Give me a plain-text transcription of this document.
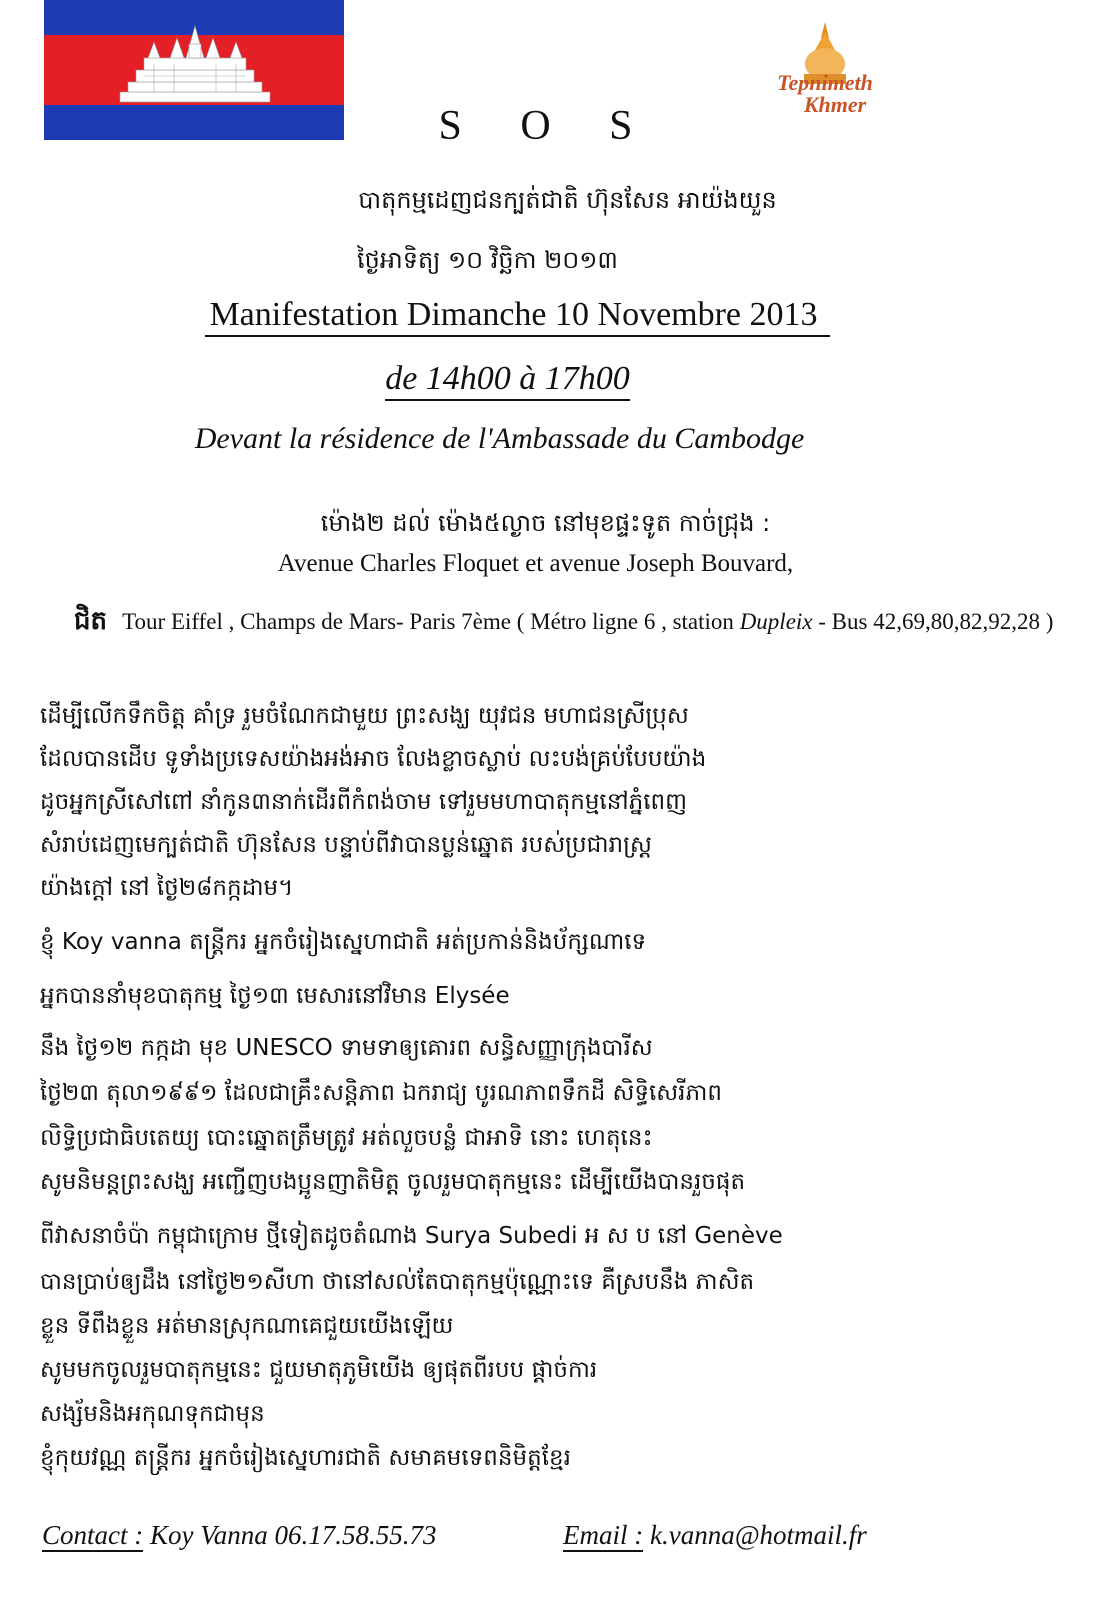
Tepnimeth
Khmer
S O S
បាតុកម្មដេញជនក្បត់ជាតិ ហ៊ុនសែន អាយ៉ងយួន
ថ្ងៃអាទិត្យ ១០ វិច្ឆិកា ២០១៣
Manifestation Dimanche 10 Novembre 2013
de 14h00 à 17h00
Devant la résidence de l'Ambassade du Cambodge
ម៉ោង២ ដល់ ម៉ោង៥ល្ងាច នៅមុខផ្ទះទូត កាច់ជ្រុង :
Avenue Charles Floquet et avenue Joseph Bouvard,
ជិត Tour Eiffel , Champs de Mars- Paris 7ème ( Métro ligne 6 , station Dupleix - Bus 42,69,80,82,92,28 )
ដើម្បីលើកទឹកចិត្ត គាំទ្រ រួមចំណែកជាមួយ ព្រះសង្ឃ យុវជន មហាជនស្រីប្រុស
ដែលបានដើប ទូទាំងប្រទេសយ៉ាងអង់អាច លែងខ្លាចស្លាប់ លះបង់គ្រប់បែបយ៉ាង
ដូចអ្នកស្រីសៅពៅ នាំកូន៣នាក់ដើរពីកំពង់ចាម ទៅរួមមហាបាតុកម្មនៅភ្នំពេញ
សំរាប់ដេញមេក្បត់ជាតិ ហ៊ុនសែន បន្ទាប់ពីវាបានប្លន់ឆ្នោត របស់ប្រជារាស្ត្រ
យ៉ាងក្តៅ នៅ ថ្ងៃ២៨កក្កដាម។
ខ្ញុំ Koy vanna តន្ត្រីករ អ្នកចំរៀងស្នេហាជាតិ អត់ប្រកាន់និងប័ក្សណាទេ
អ្នកបាននាំមុខបាតុកម្ម ថ្ងៃ១៣ មេសារនៅវិមាន Elysée
នឹង ថ្ងៃ១២ កក្កដា មុខ UNESCO ទាមទាឲ្យគោរព សន្ធិសញ្ញាក្រុងបារីស
ថ្ងៃ២៣ តុលា១៩៩១ ដែលជាគ្រឹះសន្តិភាព ឯករាជ្យ បូរណភាពទឹកដី សិទ្ធិសេរីភាព
លិទ្ធិប្រជាធិបតេយ្យ បោះឆ្នោតត្រឹមត្រូវ អត់លួចបន្លំ ជាអាទិ នោះ ហេតុនេះ
សូមនិមន្តព្រះសង្ឃ អញ្ជើញបងប្អូនញាតិមិត្ត ចូលរួមបាតុកម្មនេះ ដើម្បីយើងបានរួចផុត
ពីវាសនាចំប៉ា កម្ពុជាក្រោម ថ្មីទៀតដូចតំណាង Surya Subedi អ ស ប នៅ Genève
បានប្រាប់ឲ្យដឹង នៅថ្ងៃ២១សីហា ថានៅសល់តែបាតុកម្មប៉ុណ្ណោះទេ គឺស្របនឹង ភាសិត
ខ្លួន ទីពឹងខ្លួន អត់មានស្រុកណាគេជួយយើងឡើយ
សូមមកចូលរួមបាតុកម្មនេះ ជួយមាតុភូមិយើង ឲ្យផុតពីរបប ផ្តាច់ការ
សង្ស័មនិងអកុណទុកជាមុន
ខ្ញុំកុយវណ្ណ តន្ត្រីករ អ្នកចំរៀងស្នេហារជាតិ សមាគមទេពនិមិត្តខ្មែរ
Contact : Koy Vanna 06.17.58.55.73	Email : k.vanna@hotmail.fr
